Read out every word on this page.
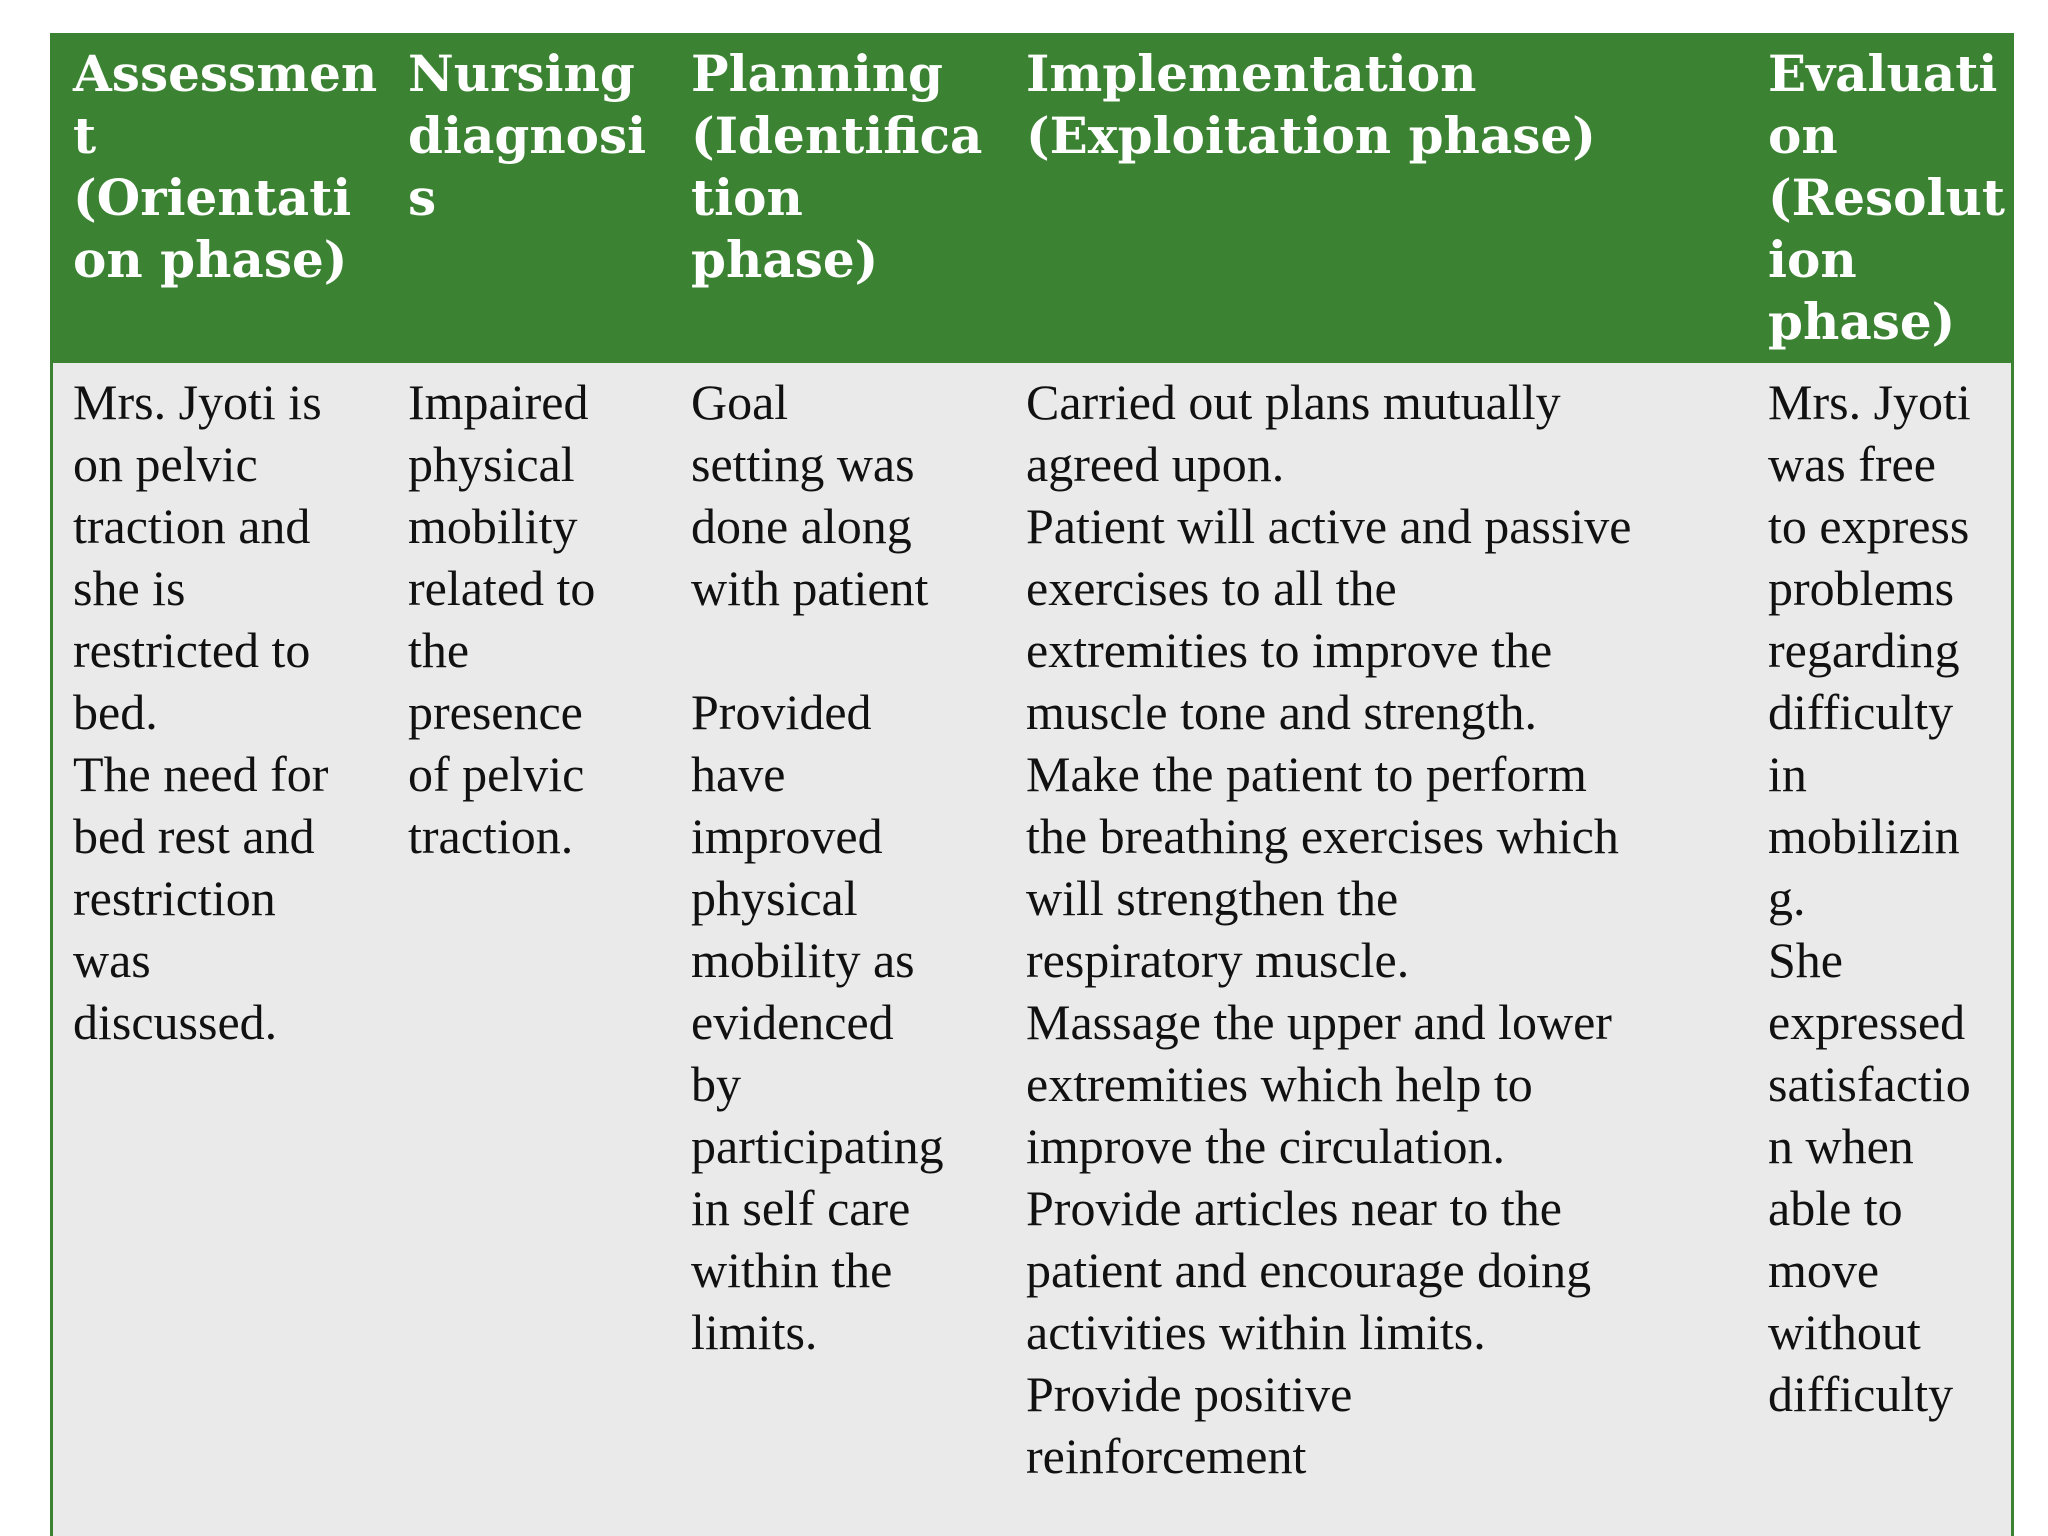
Assessmen
t
(Orientati
on phase)
Nursing
diagnosi
s
Planning
(Identifica
tion
phase)
Implementation
(Exploitation phase)
Evaluati
on
(Resolut
ion
phase)
Mrs. Jyoti is
on pelvic
traction and
she is
restricted to
bed.
The need for
bed rest and
restriction
was
discussed.
Impaired
physical
mobility
related to
the
presence
of pelvic
traction.
Goal
setting was
done along
with patient

Provided
have
improved
physical
mobility as
evidenced
by
participating
in self care
within the
limits.
Carried out plans mutually
agreed upon.
Patient will active and passive
exercises to all the
extremities to improve the
muscle tone and strength.
Make the patient to perform
the breathing exercises which
will strengthen the
respiratory muscle.
Massage the upper and lower
extremities which help to
improve the circulation.
Provide articles near to the
patient and encourage doing
activities within limits.
Provide positive
reinforcement
Mrs. Jyoti
was free
to express
problems
regarding
difficulty
in
mobilizin
g.
She
expressed
satisfactio
n when
able to
move
without
difficulty
